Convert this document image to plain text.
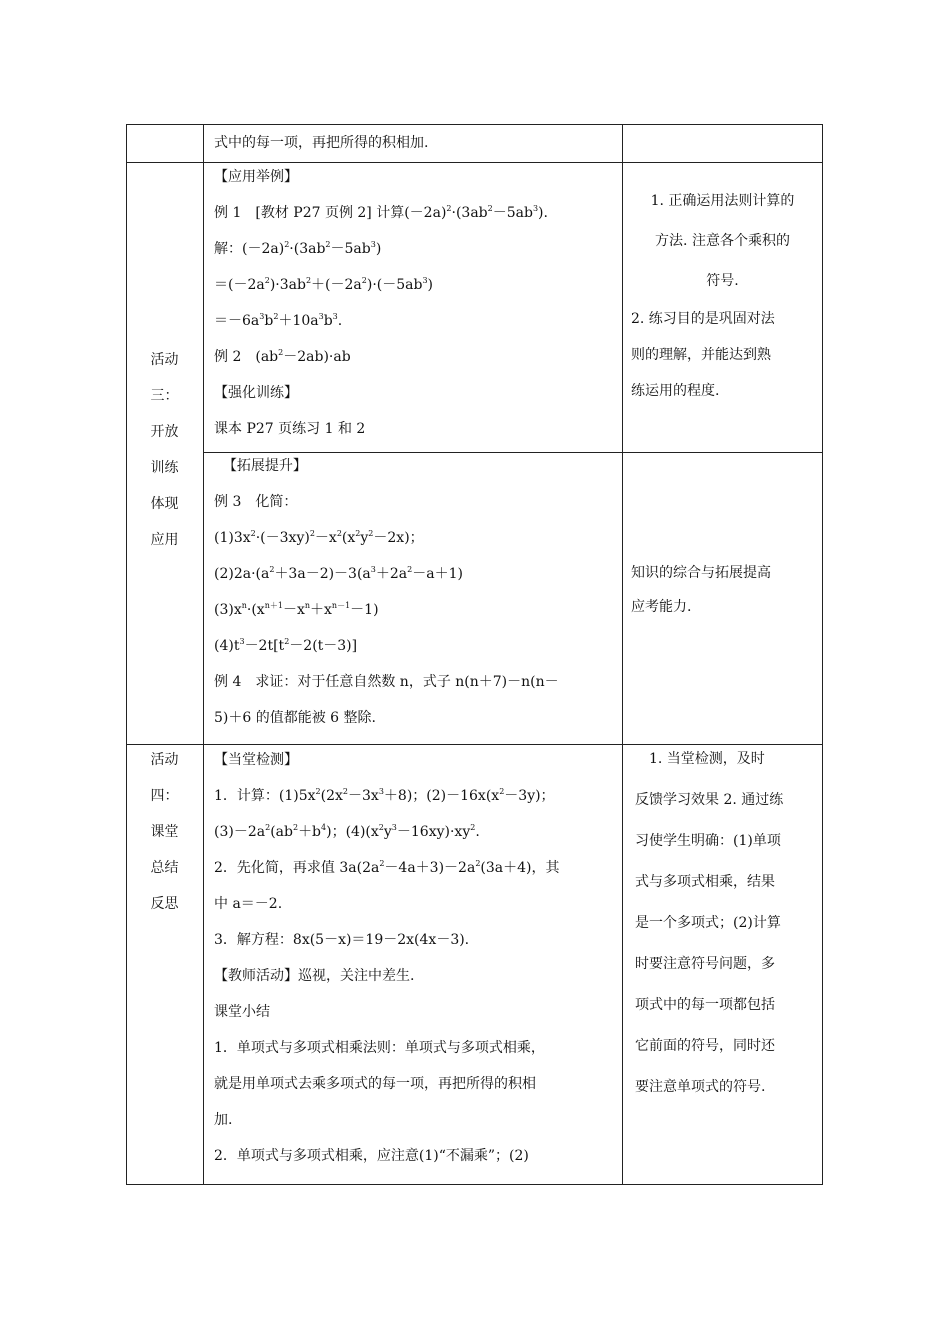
式中的每一项，再把所得的积相加.
活动
三：
开放
训练
体现
应用
【应用举例】
例 1　[教材 P27 页例 2] 计算$(-2a)^2\cdot(3ab^2-5ab^3)$.
解：$(-2a)^2\cdot(3ab^2-5ab^3)$
$=(-2a^2)\cdot 3ab^2+(-2a^2)\cdot(-5ab^3)$
$=-6a^3b^2+10a^3b^3$.
例 2　$(ab^2-2ab)\cdot ab$
【强化训练】
课本 P27 页练习 1 和 2
1. 正确运用法则计算的
方法. 注意各个乘积的
符号.
2. 练习目的是巩固对法
则的理解，并能达到熟
练运用的程度.
【拓展提升】
例 3　化简：
$(1)3x^2\cdot(-3xy)^2-x^2(x^2y^2-2x)$；
$(2)2a\cdot(a^2+3a-2)-3(a^3+2a^2-a+1)$
$(3)x^n\cdot(x^{n+1}-x^n+x^{n-1}-1)$
$(4)t^3-2t[t^2-2(t-3)]$
例 4　求证：对于任意自然数 n，式子 n(n＋7)－n(n－
5)＋6 的值都能被 6 整除.
知识的综合与拓展提高
应考能力.
活动
四：
课堂
总结
反思
【当堂检测】
1．计算：$(1)5x^2(2x^2-3x^3+8)$；$(2)-16x(x^2-3y)$；
$(3)-2a^2(ab^2+b^4)$；$(4)(x^2y^3-16xy)\cdot xy^2$.
2．先化简，再求值 $3a(2a^2-4a+3)-2a^2(3a+4)$，其
中 a＝－2.
3．解方程：8x(5－x)＝19－2x(4x－3).
【教师活动】巡视，关注中差生.
课堂小结
1．单项式与多项式相乘法则：单项式与多项式相乘，
就是用单项式去乘多项式的每一项，再把所得的积相
加.
2．单项式与多项式相乘，应注意(1)“不漏乘”；(2)
　1. 当堂检测，及时
反馈学习效果 2. 通过练
习使学生明确：(1)单项
式与多项式相乘，结果
是一个多项式；(2)计算
时要注意符号问题，多
项式中的每一项都包括
它前面的符号，同时还
要注意单项式的符号.
